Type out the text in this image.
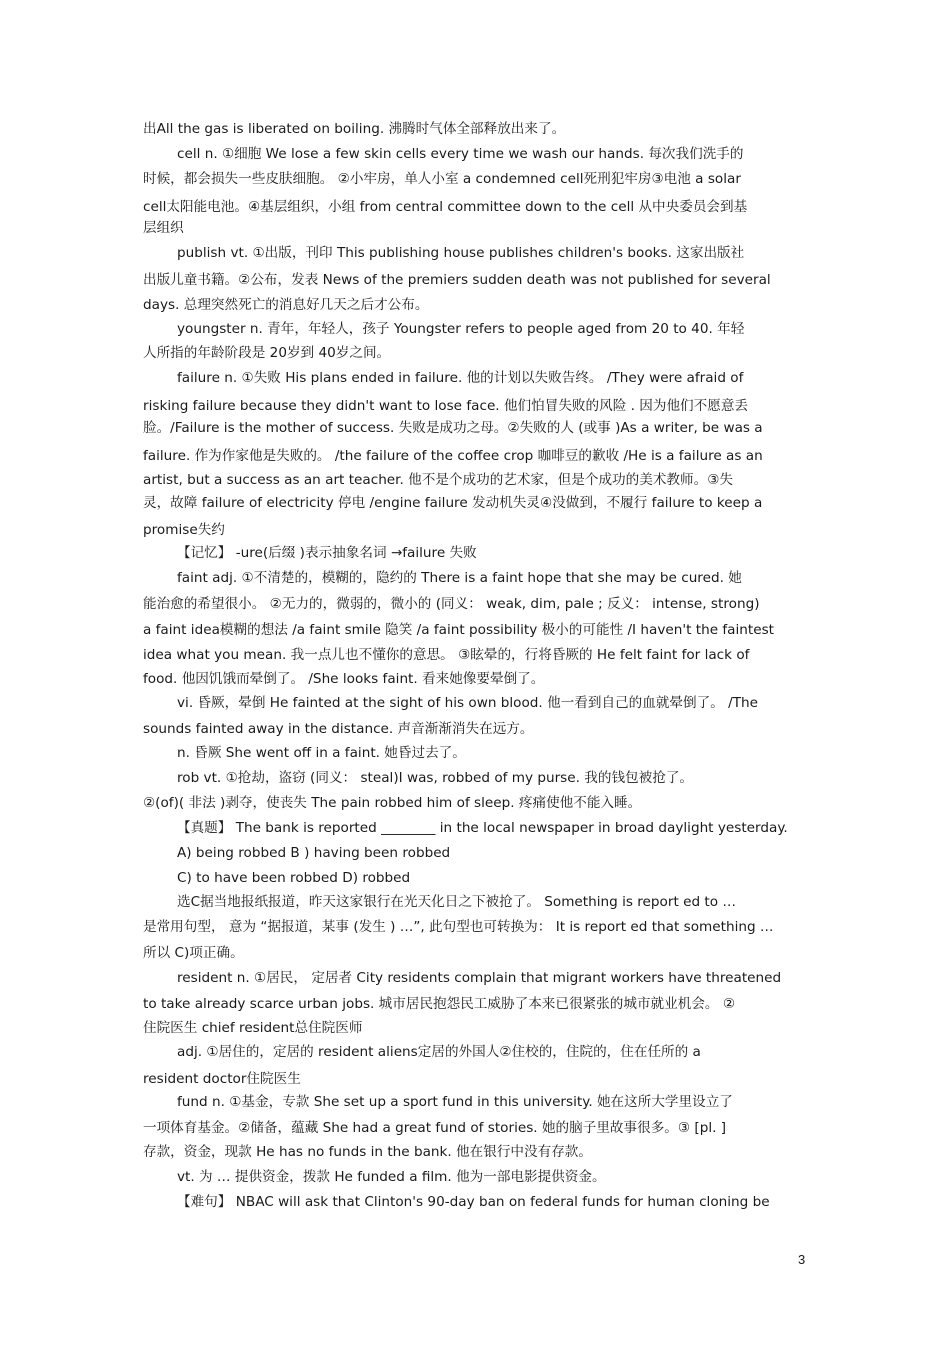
出All the gas is liberated on boiling. 沸腾时气体全部释放出来了。
cell n. ①细胞 We lose a few skin cells every time we wash our hands. 每次我们洗手的
时候，都会损失一些皮肤细胞。 ②小牢房，单人小室 a condemned cell死刑犯牢房③电池 a solar
cell太阳能电池。④基层组织，小组 from central committee down to the cell 从中央委员会到基
层组织
publish vt. ①出版，刊印 This publishing house publishes children's books. 这家出版社
出版儿童书籍。②公布，发表 News of the premiers sudden death was not published for several
days. 总理突然死亡的消息好几天之后才公布。
youngster n. 青年，年轻人，孩子 Youngster refers to people aged from 20 to 40. 年轻
人所指的年龄阶段是 20岁到 40岁之间。
failure n. ①失败 His plans ended in failure. 他的计划以失败告终。 /They were afraid of
risking failure because they didn't want to lose face. 他们怕冒失败的风险 . 因为他们不愿意丢
脸。/Failure is the mother of success. 失败是成功之母。②失败的人 (或事 )As a writer, be was a
failure. 作为作家他是失败的。 /the failure of the coffee crop 咖啡豆的歉收 /He is a failure as an
artist, but a success as an art teacher. 他不是个成功的艺术家，但是个成功的美术教师。③失
灵，故障 failure of electricity 停电 /engine failure 发动机失灵④没做到，不履行 failure to keep a
promise失约
【记忆】 -ure(后缀 )表示抽象名词 →failure 失败
faint adj. ①不清楚的，模糊的，隐约的 There is a faint hope that she may be cured. 她
能治愈的希望很小。 ②无力的，微弱的，微小的 (同义： weak, dim, pale ; 反义： intense, strong)
a faint idea模糊的想法 /a faint smile 隐笑 /a faint possibility 极小的可能性 /I haven't the faintest
idea what you mean. 我一点儿也不懂你的意思。 ③眩晕的，行将昏厥的 He felt faint for lack of
food. 他因饥饿而晕倒了。 /She looks faint. 看来她像要晕倒了。
vi. 昏厥，晕倒 He fainted at the sight of his own blood. 他一看到自己的血就晕倒了。 /The
sounds fainted away in the distance. 声音渐渐消失在远方。
n. 昏厥 She went off in a faint. 她昏过去了。
rob vt. ①抢劫，盗窃 (同义： steal)I was, robbed of my purse. 我的钱包被抢了。
②(of)( 非法 )剥夺，使丧失 The pain robbed him of sleep. 疼痛使他不能入睡。
【真题】 The bank is reported ________ in the local newspaper in broad daylight yesterday.
A) being robbed B ) having been robbed
C) to have been robbed D) robbed
选C据当地报纸报道，昨天这家银行在光天化日之下被抢了。 Something is report ed to …
是常用句型， 意为 “据报道，某事 (发生 ) …”, 此句型也可转换为： It is report ed that something …
所以 C)项正确。
resident n. ①居民， 定居者 City residents complain that migrant workers have threatened
to take already scarce urban jobs. 城市居民抱怨民工威胁了本来已很紧张的城市就业机会。 ②
住院医生 chief resident总住院医师
adj. ①居住的，定居的 resident aliens定居的外国人②住校的，住院的，住在任所的 a
resident doctor住院医生
fund n. ①基金，专款 She set up a sport fund in this university. 她在这所大学里设立了
一项体育基金。②储备，蕴藏 She had a great fund of stories. 她的脑子里故事很多。③ [pl. ]
存款，资金，现款 He has no funds in the bank. 他在银行中没有存款。
vt. 为 … 提供资金，拨款 He funded a film. 他为一部电影提供资金。
【难句】 NBAC will ask that Clinton's 90-day ban on federal funds for human cloning be
3
